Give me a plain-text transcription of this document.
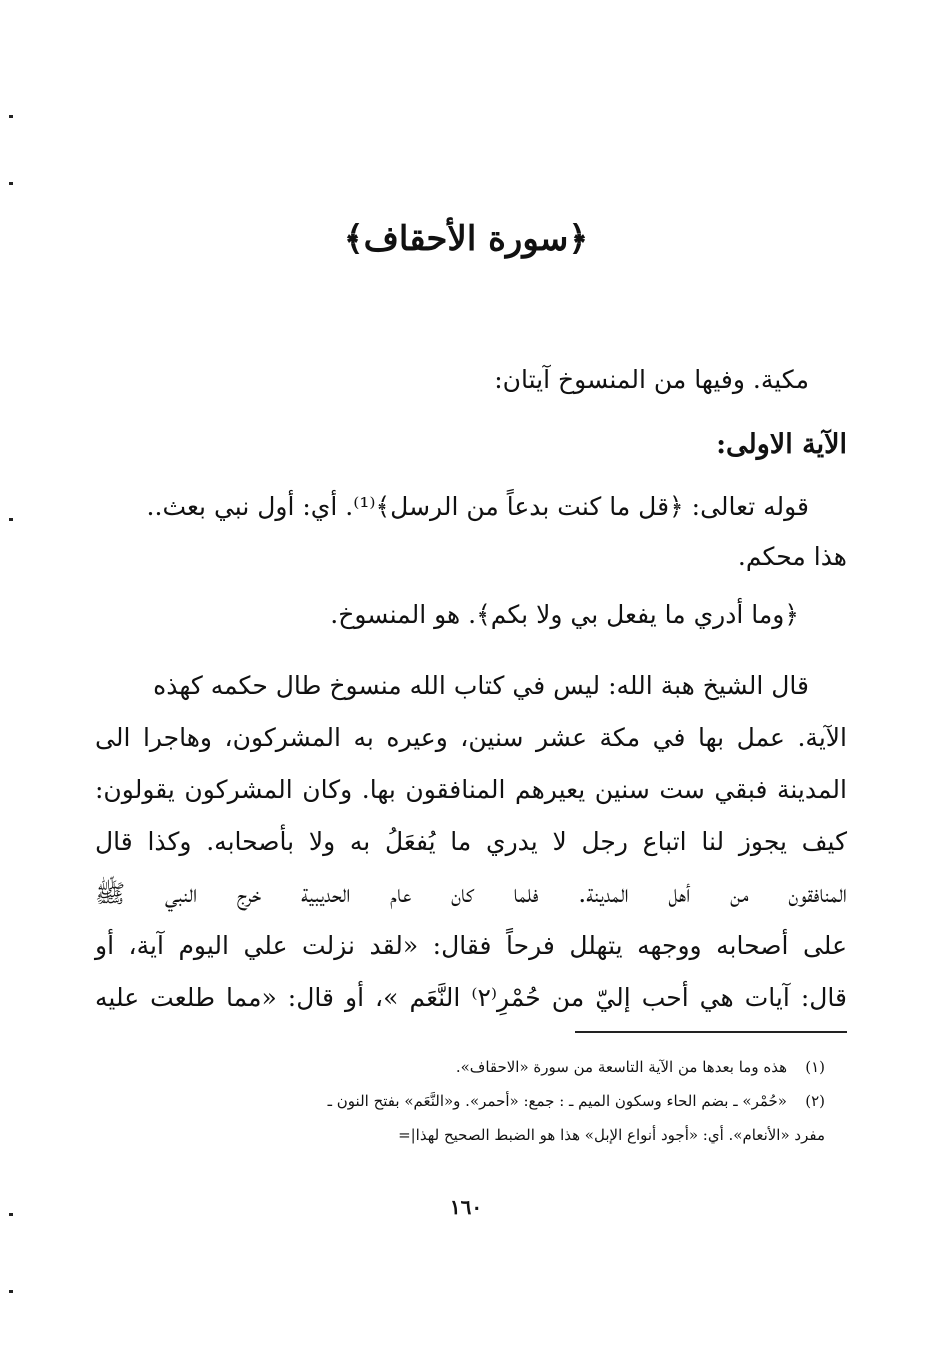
﴿سورة الأحقاف﴾
مكية. وفيها من المنسوخ آيتان:
الآية الاولى:
قوله تعالى: ﴿قل ما كنت بدعاً من الرسل﴾⁽¹⁾. أي: أول نبي بعث..
هذا محكم.
﴿وما أدري ما يفعل بي ولا بكم﴾. هو المنسوخ.
قال الشيخ هبة الله: ليس في كتاب الله منسوخ طال حكمه كهذه
الآية. عمل بها في مكة عشر سنين، وعيره به المشركون، وهاجرا الى
المدينة فبقي ست سنين يعيرهم المنافقون بها. وكان المشركون يقولون:
كيف يجوز لنا اتباع رجل لا يدري ما يُفعَلُ به ولا بأصحابه. وكذا قال
المنافقون من أهل المدينة. فلما كان عام الحديبية خرج النبي ﷺ
على أصحابه ووجهه يتهلل فرحاً فقال: «لقد نزلت علي اليوم آية، أو
قال: آيات هي أحب إليّ من حُمْرِ⁽٢⁾ النَّعَم »، أو قال: «مما طلعت عليه
(١)هذه وما بعدها من الآية التاسعة من سورة «الاحقاف».
(٢)«حُمْر» ـ بضم الحاء وسكون الميم ـ : جمع: «أحمر». و«النَّعَم» بفتح النون ـ
مفرد «الأنعام». أي: «أجود أنواع الإبل» هذا هو الضبط الصحيح لهذا|=
١٦٠
